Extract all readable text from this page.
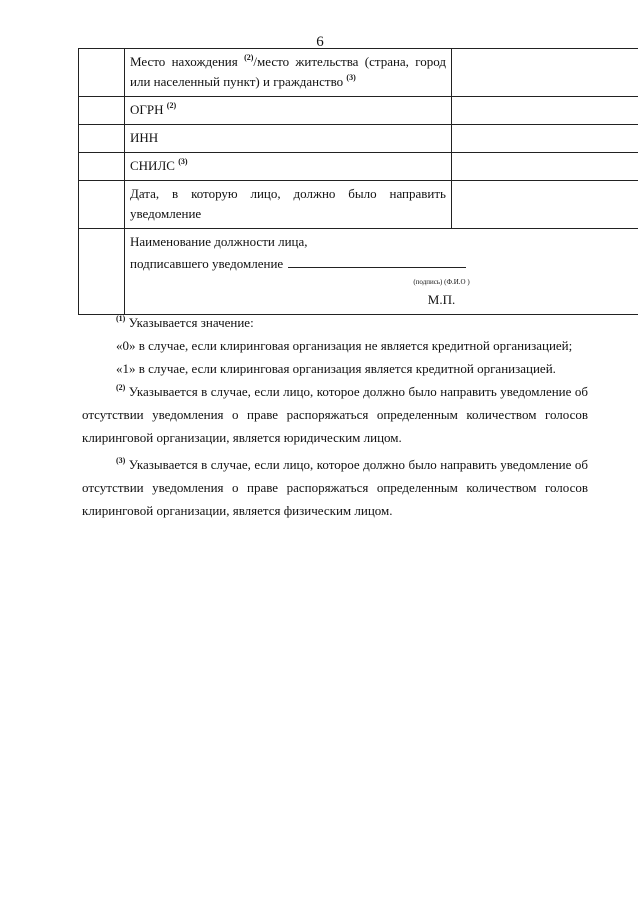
6

	Место нахождения $^{(2)}$/место жительства (страна, город
или населенный пункт) и гражданство $^{(3)}$	
	ОГРН $^{(2)}$	
	ИНН	
	СНИЛС $^{(3)}$	

	Дата, в которую лицо, должно было направить
уведомление	

	Наименование должности лица,
подписавшего уведомление
(подпись) (Ф.И.О )
М.П.	

$^{(1)}$ Указывается значение:

«0» в случае, если клиринговая организация не является кредитной организацией;

«1» в случае, если клиринговая организация является кредитной организацией.

$^{(2)}$ Указывается в случае, если лицо, которое должно было направить уведомление об отсутствии уведомления о праве распоряжаться определенным количеством голосов клиринговой организации, является юридическим лицом.

$^{(3)}$ Указывается в случае, если лицо, которое должно было направить уведомление об отсутствии уведомления о праве распоряжаться определенным количеством голосов клиринговой организации, является физическим лицом.
